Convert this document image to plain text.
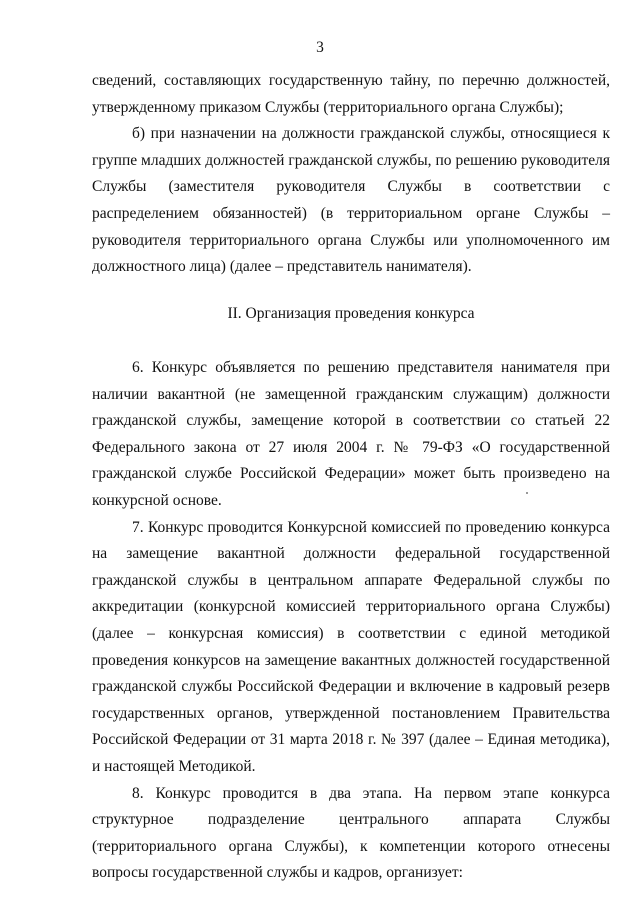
3

сведений, составляющих государственную тайну, по перечню должностей, утвержденному приказом Службы (территориального органа Службы);

б) при назначении на должности гражданской службы, относящиеся к группе младших должностей гражданской службы, по решению руководителя Службы (заместителя руководителя Службы в соответствии с распределением обязанностей) (в территориальном органе Службы – руководителя территориального органа Службы или уполномоченного им должностного лица) (далее – представитель нанимателя).

II. Организация проведения конкурса

6. Конкурс объявляется по решению представителя нанимателя при наличии вакантной (не замещенной гражданским служащим) должности гражданской службы, замещение которой в соответствии со статьей 22 Федерального закона от 27 июля 2004 г. № 79-ФЗ «О государственной гражданской службе Российской Федерации» может быть произведено на конкурсной основе.

7. Конкурс проводится Конкурсной комиссией по проведению конкурса на замещение вакантной должности федеральной государственной гражданской службы в центральном аппарате Федеральной службы по аккредитации (конкурсной комиссией территориального органа Службы) (далее – конкурсная комиссия) в соответствии с единой методикой проведения конкурсов на замещение вакантных должностей государственной гражданской службы Российской Федерации и включение в кадровый резерв государственных органов, утвержденной постановлением Правительства Российской Федерации от 31 марта 2018 г. № 397 (далее – Единая методика), и настоящей Методикой.

8. Конкурс проводится в два этапа. На первом этапе конкурса структурное подразделение центрального аппарата Службы (территориального органа Службы), к компетенции которого отнесены вопросы государственной службы и кадров, организует:
